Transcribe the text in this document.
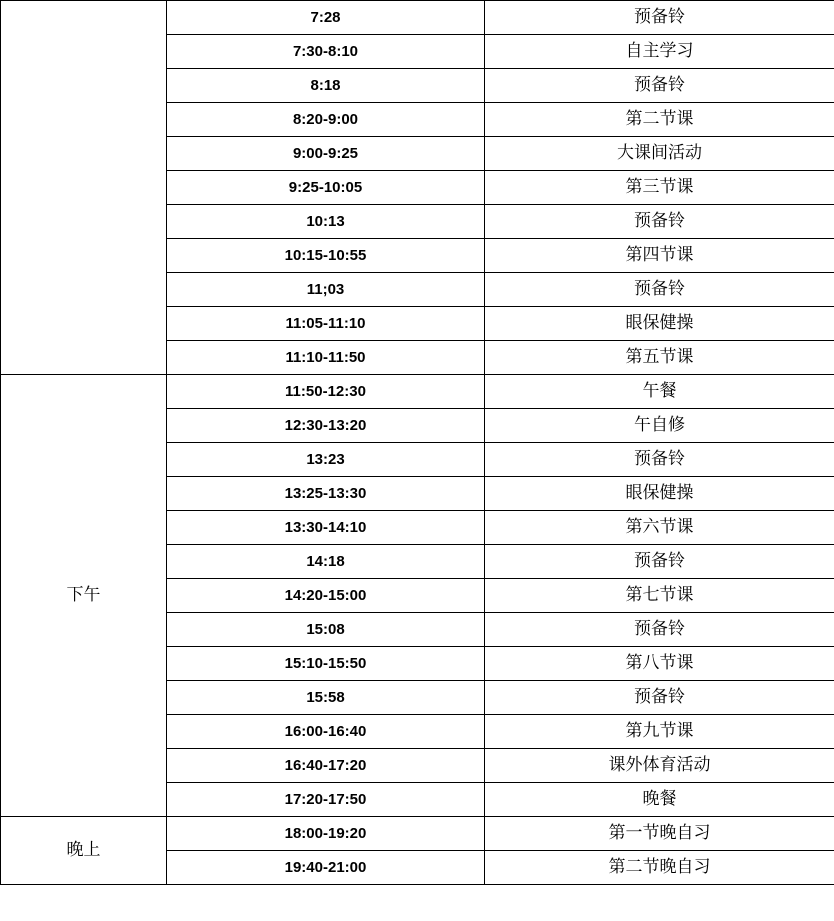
	7:28	预备铃
	7:30-8:10	自主学习
	8:18	预备铃
	8:20-9:00	第二节课
	9:00-9:25	大课间活动
	9:25-10:05	第三节课
	10:13	预备铃
	10:15-10:55	第四节课
	11;03	预备铃
	11:05-11:10	眼保健操
	11:10-11:50	第五节课
下午	11:50-12:30	午餐
	12:30-13:20	午自修
	13:23	预备铃
	13:25-13:30	眼保健操
	13:30-14:10	第六节课
	14:18	预备铃
	14:20-15:00	第七节课
	15:08	预备铃
	15:10-15:50	第八节课
	15:58	预备铃
	16:00-16:40	第九节课
	16:40-17:20	课外体育活动
	17:20-17:50	晚餐
晚上	18:00-19:20	第一节晚自习
	19:40-21:00	第二节晚自习
